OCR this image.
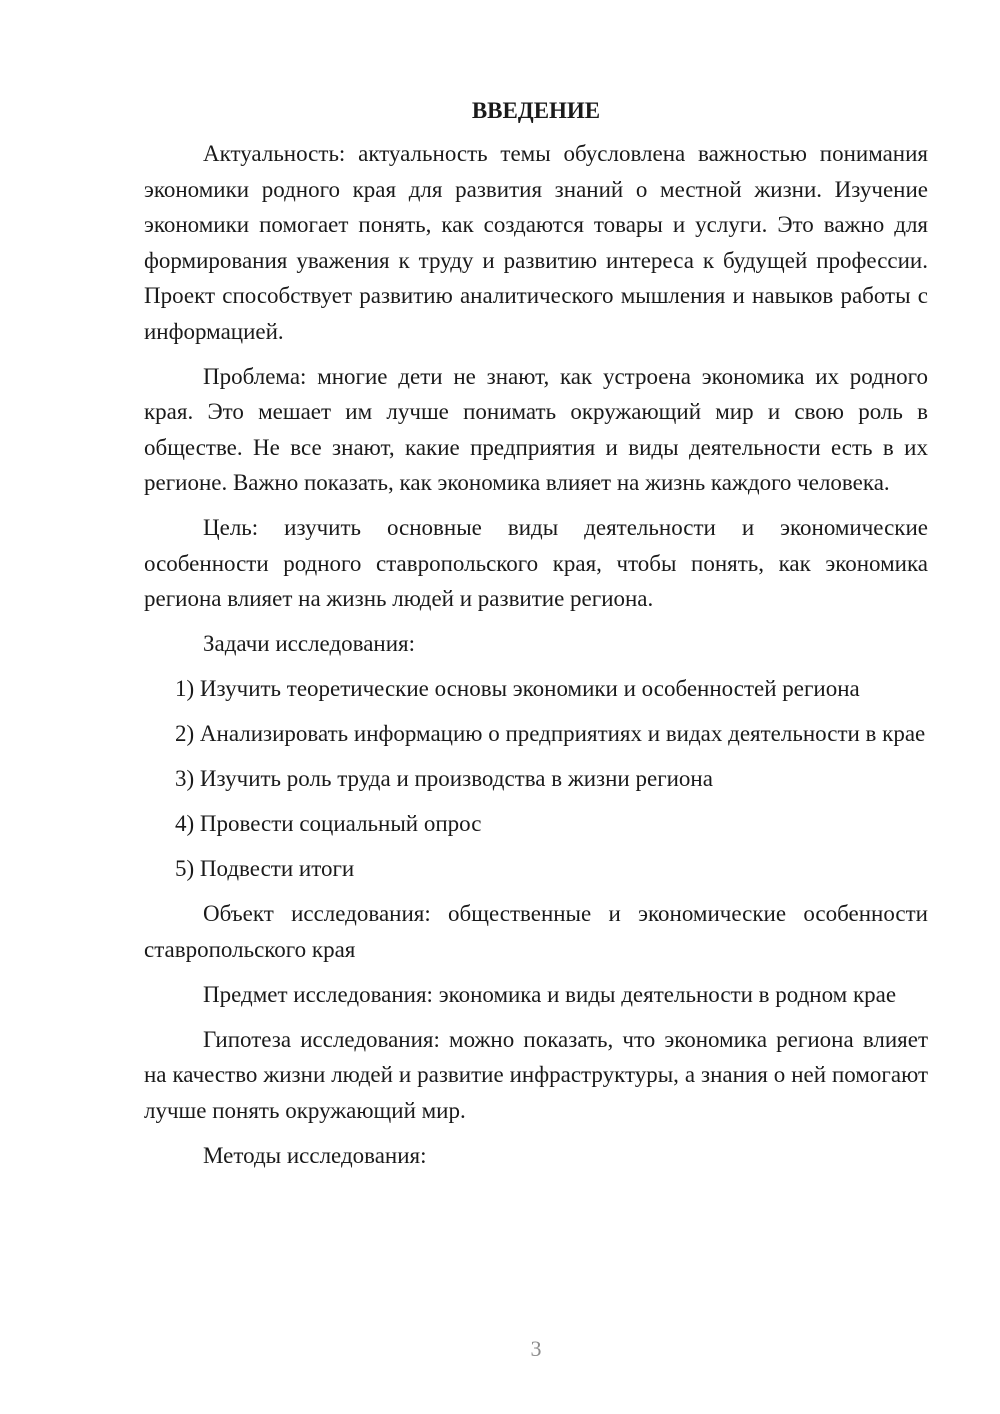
ВВЕДЕНИЕ

Актуальность: актуальность темы обусловлена важностью понимания экономики родного края для развития знаний о местной жизни. Изучение экономики помогает понять, как создаются товары и услуги. Это важно для формирования уважения к труду и развитию интереса к будущей профессии. Проект способствует развитию аналитического мышления и навыков работы с информацией.

Проблема: многие дети не знают, как устроена экономика их родного края. Это мешает им лучше понимать окружающий мир и свою роль в обществе. Не все знают, какие предприятия и виды деятельности есть в их регионе. Важно показать, как экономика влияет на жизнь каждого человека.

Цель: изучить основные виды деятельности и экономические особенности родного ставропольского края, чтобы понять, как экономика региона влияет на жизнь людей и развитие региона.

Задачи исследования:

1) Изучить теоретические основы экономики и особенностей региона

2) Анализировать информацию о предприятиях и видах деятельности в крае

3) Изучить роль труда и производства в жизни региона

4) Провести социальный опрос

5) Подвести итоги

Объект исследования: общественные и экономические особенности ставропольского края

Предмет исследования: экономика и виды деятельности в родном крае

Гипотеза исследования: можно показать, что экономика региона влияет на качество жизни людей и развитие инфраструктуры, а знания о ней помогают лучше понять окружающий мир.

Методы исследования:

3
